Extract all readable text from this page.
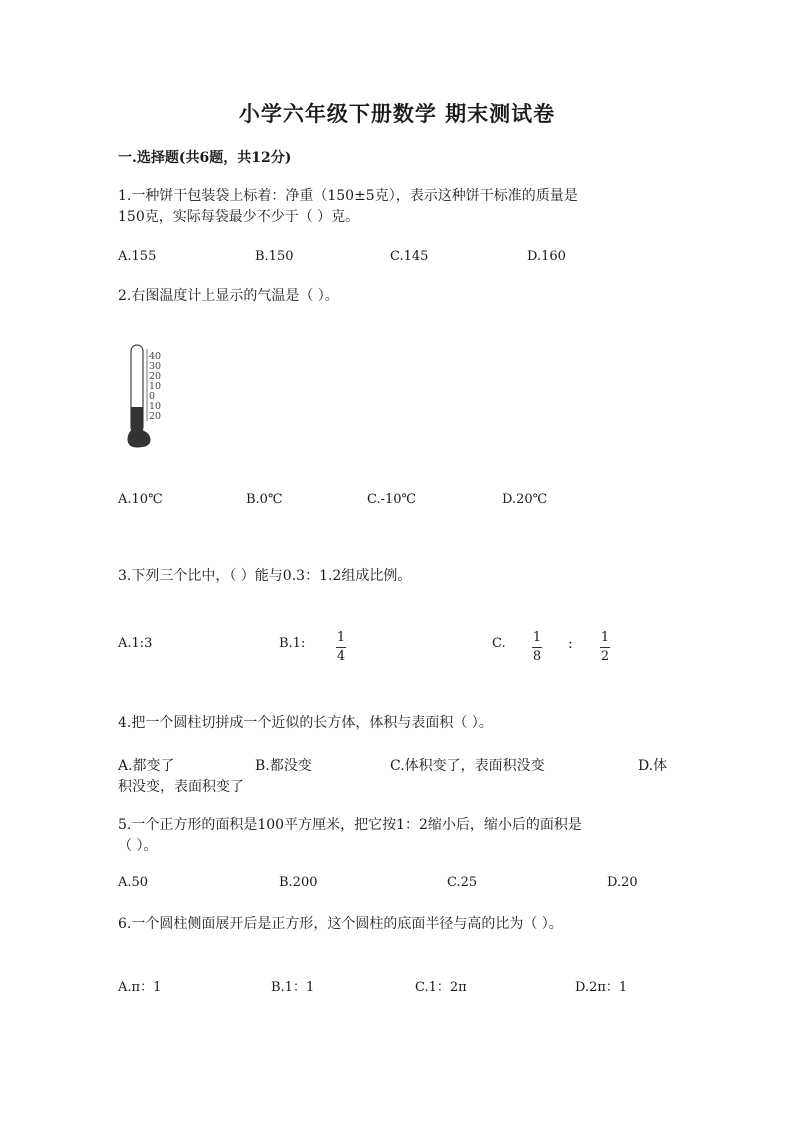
小学六年级下册数学 期末测试卷
一.选择题(共6题，共12分)
1.一种饼干包装袋上标着：净重（150±5克），表示这种饼干标准的质量是
150克，实际每袋最少不少于（ ）克。
A.155	B.150	C.145	D.160
2.右图温度计上显示的气温是（ ）。
40
30
20
10
0
10
20
A.10℃	B.0℃	C.-10℃	D.20℃
3.下列三个比中，（ ）能与0.3：1.2组成比例。
A.1:3	B.1: 1
4
C. 1
8
: 1
2
4.把一个圆柱切拼成一个近似的长方体，体积与表面积（ ）。
A.都变了	B.都没变	C.体积变了，表面积没变	D.体
积没变，表面积变了
5.一个正方形的面积是100平方厘米，把它按1：2缩小后，缩小后的面积是
（ ）。
A.50	B.200	C.25	D.20
6.一个圆柱侧面展开后是正方形，这个圆柱的底面半径与高的比为（ ）。
A.π：1	B.1：1	C.1：2π	D.2π：1
